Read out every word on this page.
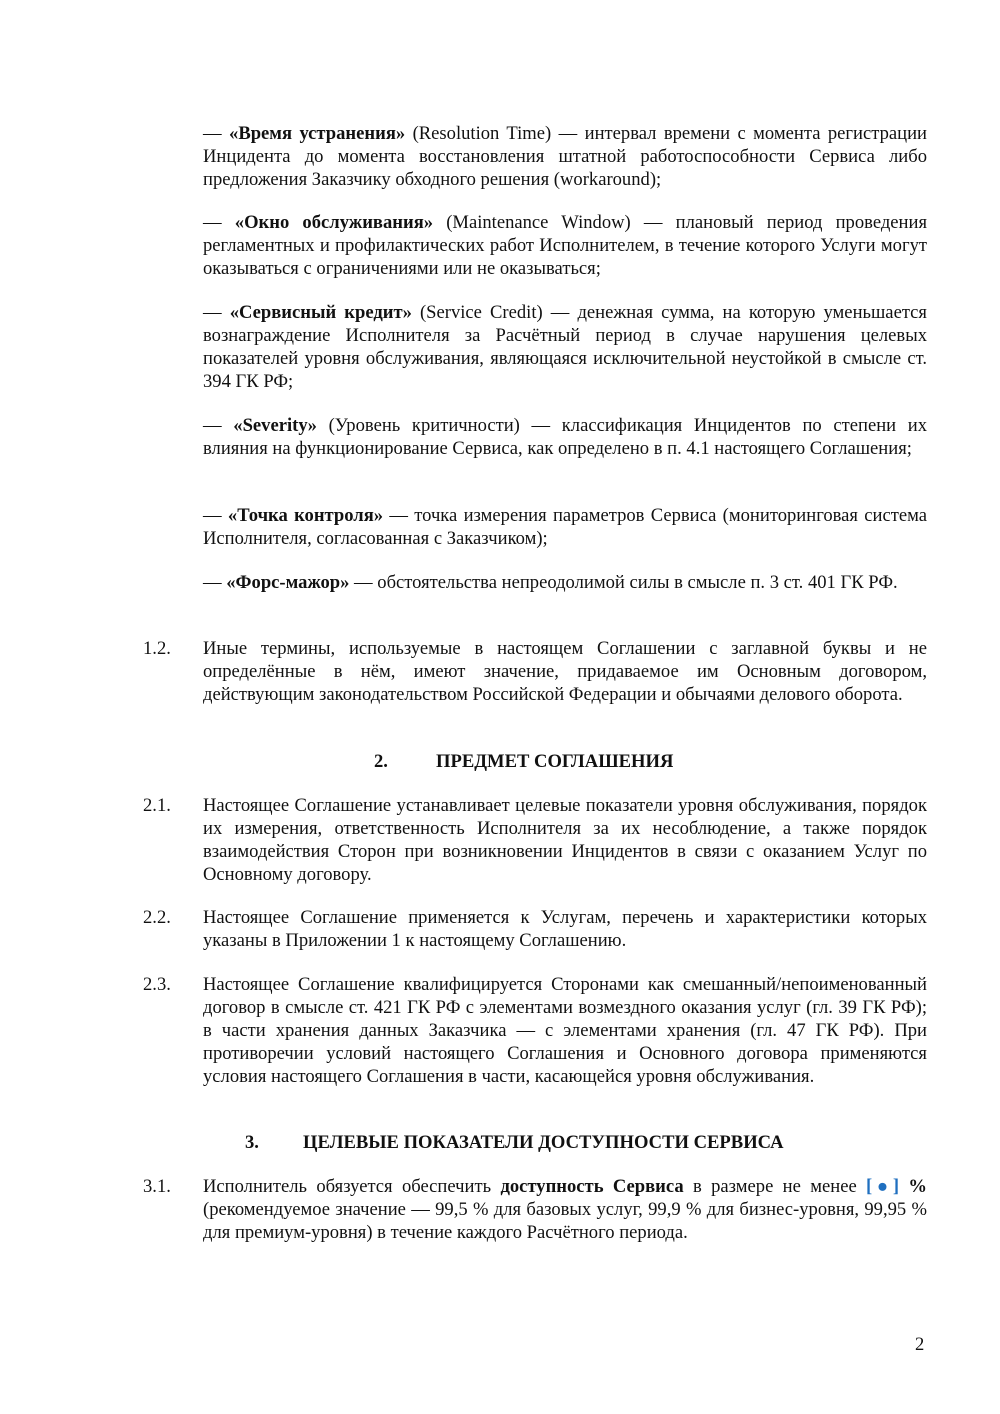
— «Время устранения» (Resolution Time) — интервал времени с момента регистрации Инцидента до момента восстановления штатной работоспособности Сервиса либо предложения Заказчику обходного решения (workaround);

— «Окно обслуживания» (Maintenance Window) — плановый период проведения регламентных и профилактических работ Исполнителем, в течение которого Услуги могут оказываться с ограничениями или не оказываться;

— «Сервисный кредит» (Service Credit) — денежная сумма, на которую уменьшается вознаграждение Исполнителя за Расчётный период в случае нарушения целевых показателей уровня обслуживания, являющаяся исключительной неустойкой в смысле ст. 394 ГК РФ;

— «Severity» (Уровень критичности) — классификация Инцидентов по степени их влияния на функционирование Сервиса, как определено в п. 4.1 настоящего Соглашения;

— «Точка контроля» — точка измерения параметров Сервиса (мониторинговая система Исполнителя, согласованная с Заказчиком);

— «Форс-мажор» — обстоятельства непреодолимой силы в смысле п. 3 ст. 401 ГК РФ.

1.2.	Иные термины, используемые в настоящем Соглашении с заглавной буквы и не определённые в нём, имеют значение, придаваемое им Основным договором, действующим законодательством Российской Федерации и обычаями делового оборота.

2.	ПРЕДМЕТ СОГЛАШЕНИЯ
2.1.	Настоящее Соглашение устанавливает целевые показатели уровня обслуживания, порядок их измерения, ответственность Исполнителя за их несоблюдение, а также порядок взаимодействия Сторон при возникновении Инцидентов в связи с оказанием Услуг по Основному договору.

2.2.	Настоящее Соглашение применяется к Услугам, перечень и характеристики которых указаны в Приложении 1 к настоящему Соглашению.

2.3.	Настоящее Соглашение квалифицируется Сторонами как смешанный/непоименованный договор в смысле ст. 421 ГК РФ с элементами возмездного оказания услуг (гл. 39 ГК РФ); в части хранения данных Заказчика — с элементами хранения (гл. 47 ГК РФ). При противоречии условий настоящего Соглашения и Основного договора применяются условия настоящего Соглашения в части, касающейся уровня обслуживания.

3. ЦЕЛЕВЫЕ ПОКАЗАТЕЛИ ДОСТУПНОСТИ СЕРВИСА
3.1.	Исполнитель обязуется обеспечить доступность Сервиса в размере не менее [●] % (рекомендуемое значение — 99,5 % для базовых услуг, 99,9 % для бизнес-уровня, 99,95 % для премиум-уровня) в течение каждого Расчётного периода.

2
